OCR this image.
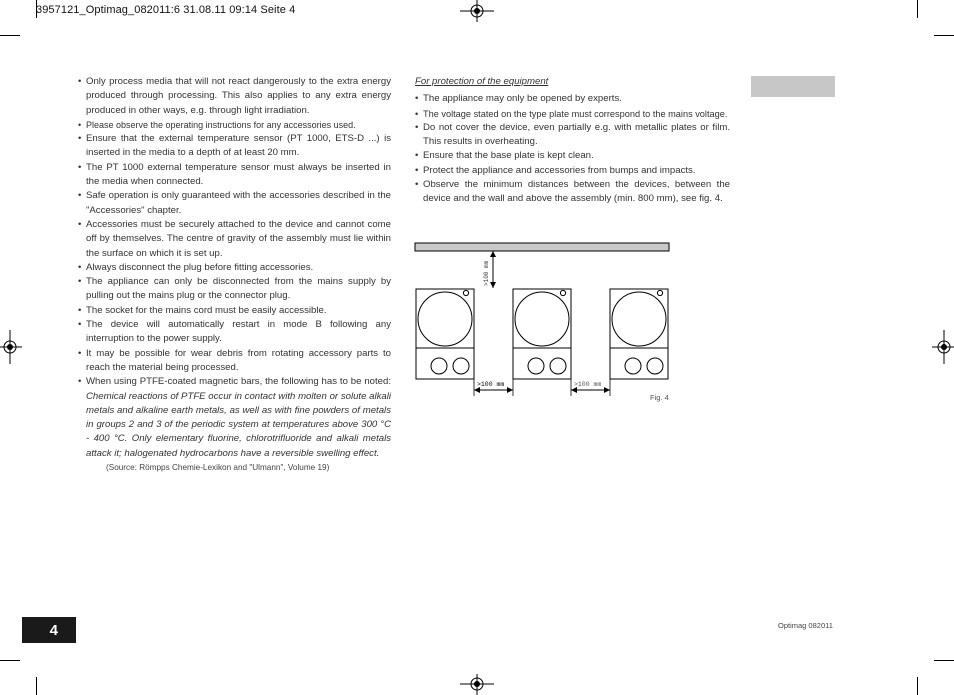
3957121_Optimag_082011:6 31.08.11 09:14 Seite 4
• Only process media that will not react dangerously to the extra energy produced through processing. This also applies to any extra energy produced in other ways, e.g. through light irradiation.
• Please observe the operating instructions for any accessories used.
• Ensure that the external temperature sensor (PT 1000, ETS-D ...) is inserted in the media to a depth of at least 20 mm.
• The PT 1000 external temperature sensor must always be inserted in the media when connected.
• Safe operation is only guaranteed with the accessories described in the "Accessories" chapter.
• Accessories must be securely attached to the device and cannot come off by themselves. The centre of gravity of the assembly must lie within the surface on which it is set up.
• Always disconnect the plug before fitting accessories.
• The appliance can only be disconnected from the mains supply by pulling out the mains plug or the connector plug.
• The socket for the mains cord must be easily accessible.
• The device will automatically restart in mode B following any interruption to the power supply.
• It may be possible for wear debris from rotating accessory parts to reach the material being processed.
• When using PTFE-coated magnetic bars, the following has to be noted: Chemical reactions of PTFE occur in contact with molten or solute alkali metals and alkaline earth metals, as well as with fine powders of metals in groups 2 and 3 of the periodic system at temperatures above 300 °C - 400 °C. Only elementary fluorine, chlorotrifluoride and alkali metals attack it; halogenated hydrocarbons have a reversible swelling effect.
(Source: Römpps Chemie-Lexikon and "Ulmann", Volume 19)
For protection of the equipment
• The appliance may only be opened by experts.
• The voltage stated on the type plate must correspond to the mains voltage.
• Do not cover the device, even partially e.g. with metallic plates or film. This results in overheating.
• Ensure that the base plate is kept clean.
• Protect the appliance and accessories from bumps and impacts.
• Observe the minimum distances between the devices, between the device and the wall and above the assembly (min. 800 mm), see fig. 4.
>100 mm
>100 mm	>100 mm
Fig. 4
4	Optimag 082011
